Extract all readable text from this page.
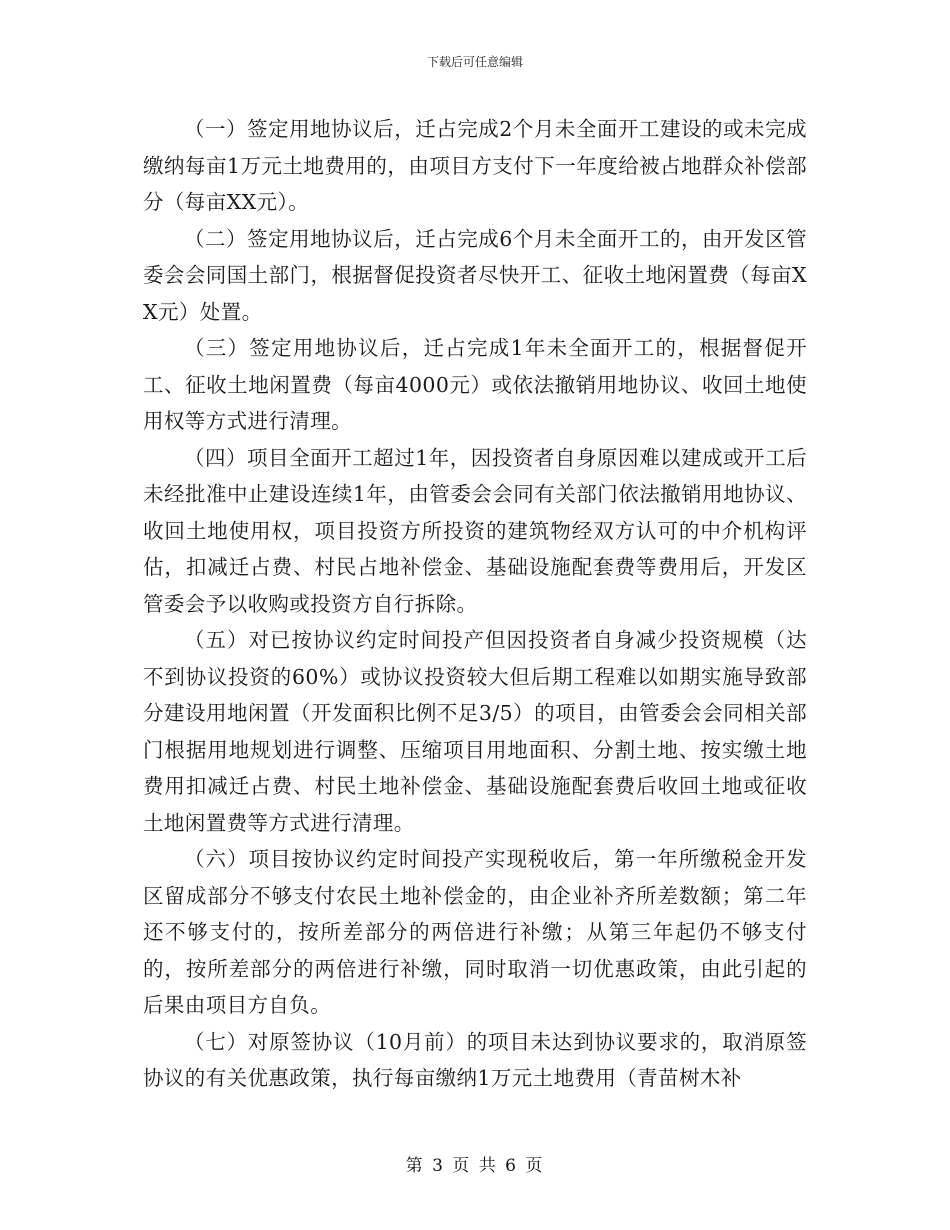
下载后可任意编辑

（一）签定用地协议后，迁占完成2个月未全面开工建设的或未完成缴纳每亩1万元土地费用的，由项目方支付下一年度给被占地群众补偿部分（每亩XX元）。

（二）签定用地协议后，迁占完成6个月未全面开工的，由开发区管委会会同国土部门，根据督促投资者尽快开工、征收土地闲置费（每亩XX元）处置。

（三）签定用地协议后，迁占完成1年未全面开工的，根据督促开工、征收土地闲置费（每亩4000元）或依法撤销用地协议、收回土地使用权等方式进行清理。

（四）项目全面开工超过1年，因投资者自身原因难以建成或开工后未经批准中止建设连续1年，由管委会会同有关部门依法撤销用地协议、收回土地使用权，项目投资方所投资的建筑物经双方认可的中介机构评估，扣减迁占费、村民占地补偿金、基础设施配套费等费用后，开发区管委会予以收购或投资方自行拆除。

（五）对已按协议约定时间投产但因投资者自身减少投资规模（达不到协议投资的60%）或协议投资较大但后期工程难以如期实施导致部分建设用地闲置（开发面积比例不足3/5）的项目，由管委会会同相关部门根据用地规划进行调整、压缩项目用地面积、分割土地、按实缴土地费用扣减迁占费、村民土地补偿金、基础设施配套费后收回土地或征收土地闲置费等方式进行清理。

（六）项目按协议约定时间投产实现税收后，第一年所缴税金开发区留成部分不够支付农民土地补偿金的，由企业补齐所差数额；第二年还不够支付的，按所差部分的两倍进行补缴；从第三年起仍不够支付的，按所差部分的两倍进行补缴，同时取消一切优惠政策，由此引起的后果由项目方自负。

（七）对原签协议（10月前）的项目未达到协议要求的，取消原签协议的有关优惠政策，执行每亩缴纳1万元土地费用（青苗树木补

第 3 页 共 6 页
